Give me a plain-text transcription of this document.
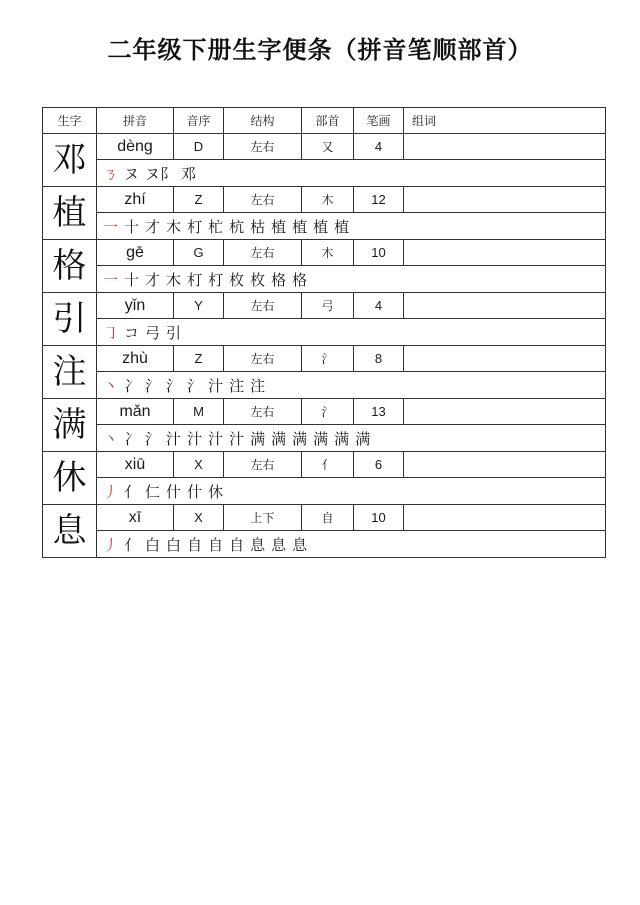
二年级下册生字便条（拼音笔顺部首）
生字	拼音	音序	结构	部首	笔画	组词
邓	dèng	D	左右	又	4	
	ㄋ ヌ ヌ阝 邓					
植	zhí	Z	左右	木	12	
	一 十 才 木 朾 杧 杭 枯 植 植 植 植					
格	gē	G	左右	木	10	
	一 十 才 木 朾 朾 枚 枚 格 格					
引	yǐn	Y	左右	弓	4	
	㇆ コ 弓 引					
注	zhù	Z	左右	氵	8	
	丶 冫 氵 氵 氵 汁 注 注					
满	mǎn	M	左右	氵	13	
	丶 冫 氵 汁 汁 汁 汁 满 满 满 满 满 满					
休	xiū	X	左右	亻	6	
	丿 亻 仁 什 什 休					
息	xī	X	上下	自	10	
	丿 亻 白 白 自 自 自 息 息 息					
